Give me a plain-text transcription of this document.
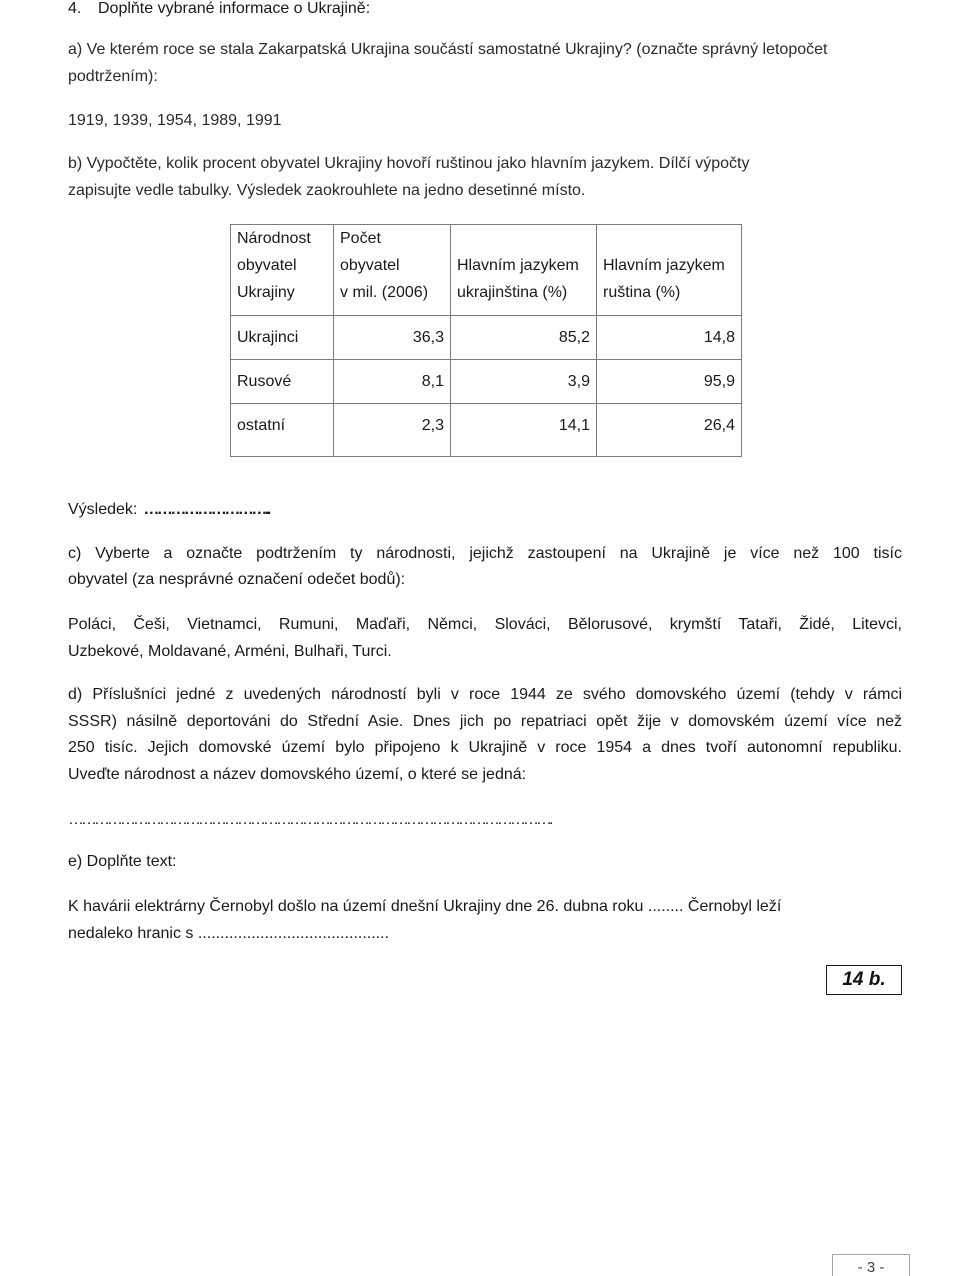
4. Doplňte vybrané informace o Ukrajině:
a) Ve kterém roce se stala Zakarpatská Ukrajina součástí samostatné Ukrajiny? (označte správný letopočet
podtržením):
1919, 1939, 1954, 1989, 1991
b) Vypočtěte, kolik procent obyvatel Ukrajiny hovoří ruštinou jako hlavním jazykem. Dílčí výpočty
zapisujte vedle tabulky. Výsledek zaokrouhlete na jedno desetinné místo.
Národnost
obyvatel
Ukrajiny	Počet
obyvatel
v mil. (2006)	Hlavním jazykem
ukrajinština (%)	Hlavním jazykem
ruština (%)

Ukrajinci	36,3	85,2	14,8
Rusové	8,1	3,9	95,9
ostatní	2,3	14,1	26,4
Výsledek: ………………………..
c) Vyberte a označte podtržením ty národnosti, jejichž zastoupení na Ukrajině je více než 100 tisíc
obyvatel (za nesprávné označení odečet bodů):
Poláci, Češi, Vietnamci, Rumuni, Maďaři, Němci, Slováci, Bělorusové, krymští Tataři, Židé, Litevci,
Uzbekové, Moldavané, Arméni, Bulhaři, Turci.
d) Příslušníci jedné z uvedených národností byli v roce 1944 ze svého domovského území (tehdy v rámci
SSSR) násilně deportováni do Střední Asie. Dnes jich po repatriaci opět žije v domovském území více než
250 tisíc. Jejich domovské území bylo připojeno k Ukrajině v roce 1954 a dnes tvoří autonomní republiku.
Uveďte národnost a název domovského území, o které se jedná:
………………………………………………………………………………………………….
e) Doplňte text:
K havárii elektrárny Černobyl došlo na území dnešní Ukrajiny dne 26. dubna roku ........ Černobyl leží
nedaleko hranic s ...........................................
14 b.
- 3 -
